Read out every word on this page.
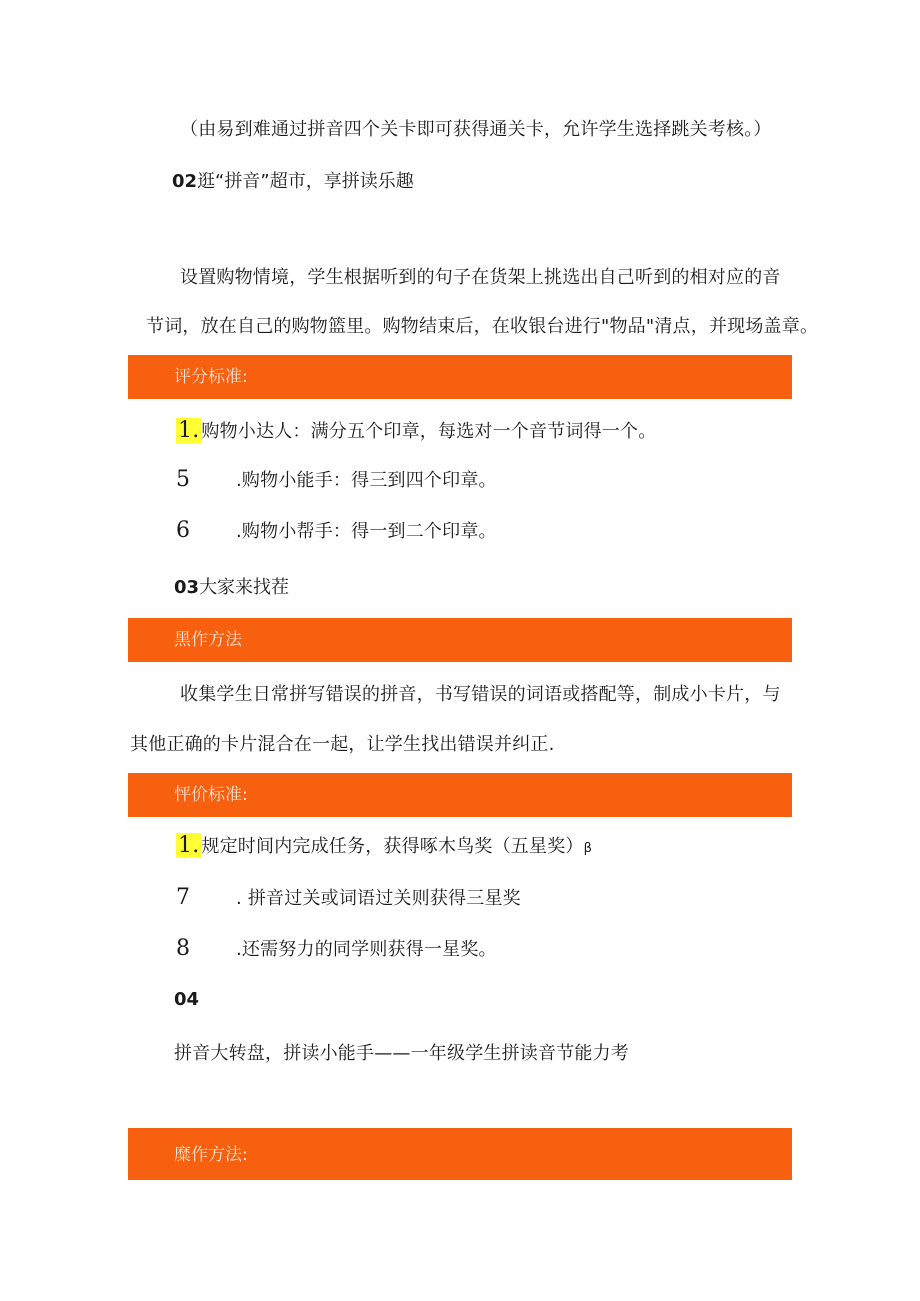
（由易到难通过拼音四个关卡即可获得通关卡，允许学生选择跳关考核。）
02逛“拼音”超市，享拼读乐趣
设置购物情境，学生根据听到的句子在货架上挑选出自己听到的相对应的音
节词，放在自己的购物篮里。购物结束后，在收银台进行"物品"清点，并现场盖章。
评分标准:
1. 购物小达人：满分五个印章，每选对一个音节词得一个。
5	.购物小能手：得三到四个印章。
6	.购物小帮手：得一到二个印章。
03大家来找茬
黑作方法
收集学生日常拼写错误的拼音，书写错误的词语或搭配等，制成小卡片，与
其他正确的卡片混合在一起，让学生找出错误并纠正.
怦价标准:
1. 规定时间内完成任务，获得啄木鸟奖（五星奖）β
7	. 拼音过关或词语过关则获得三星奖
8	.还需努力的同学则获得一星奖。
04
拼音大转盘，拼读小能手——一年级学生拼读音节能力考
糜作方法:
